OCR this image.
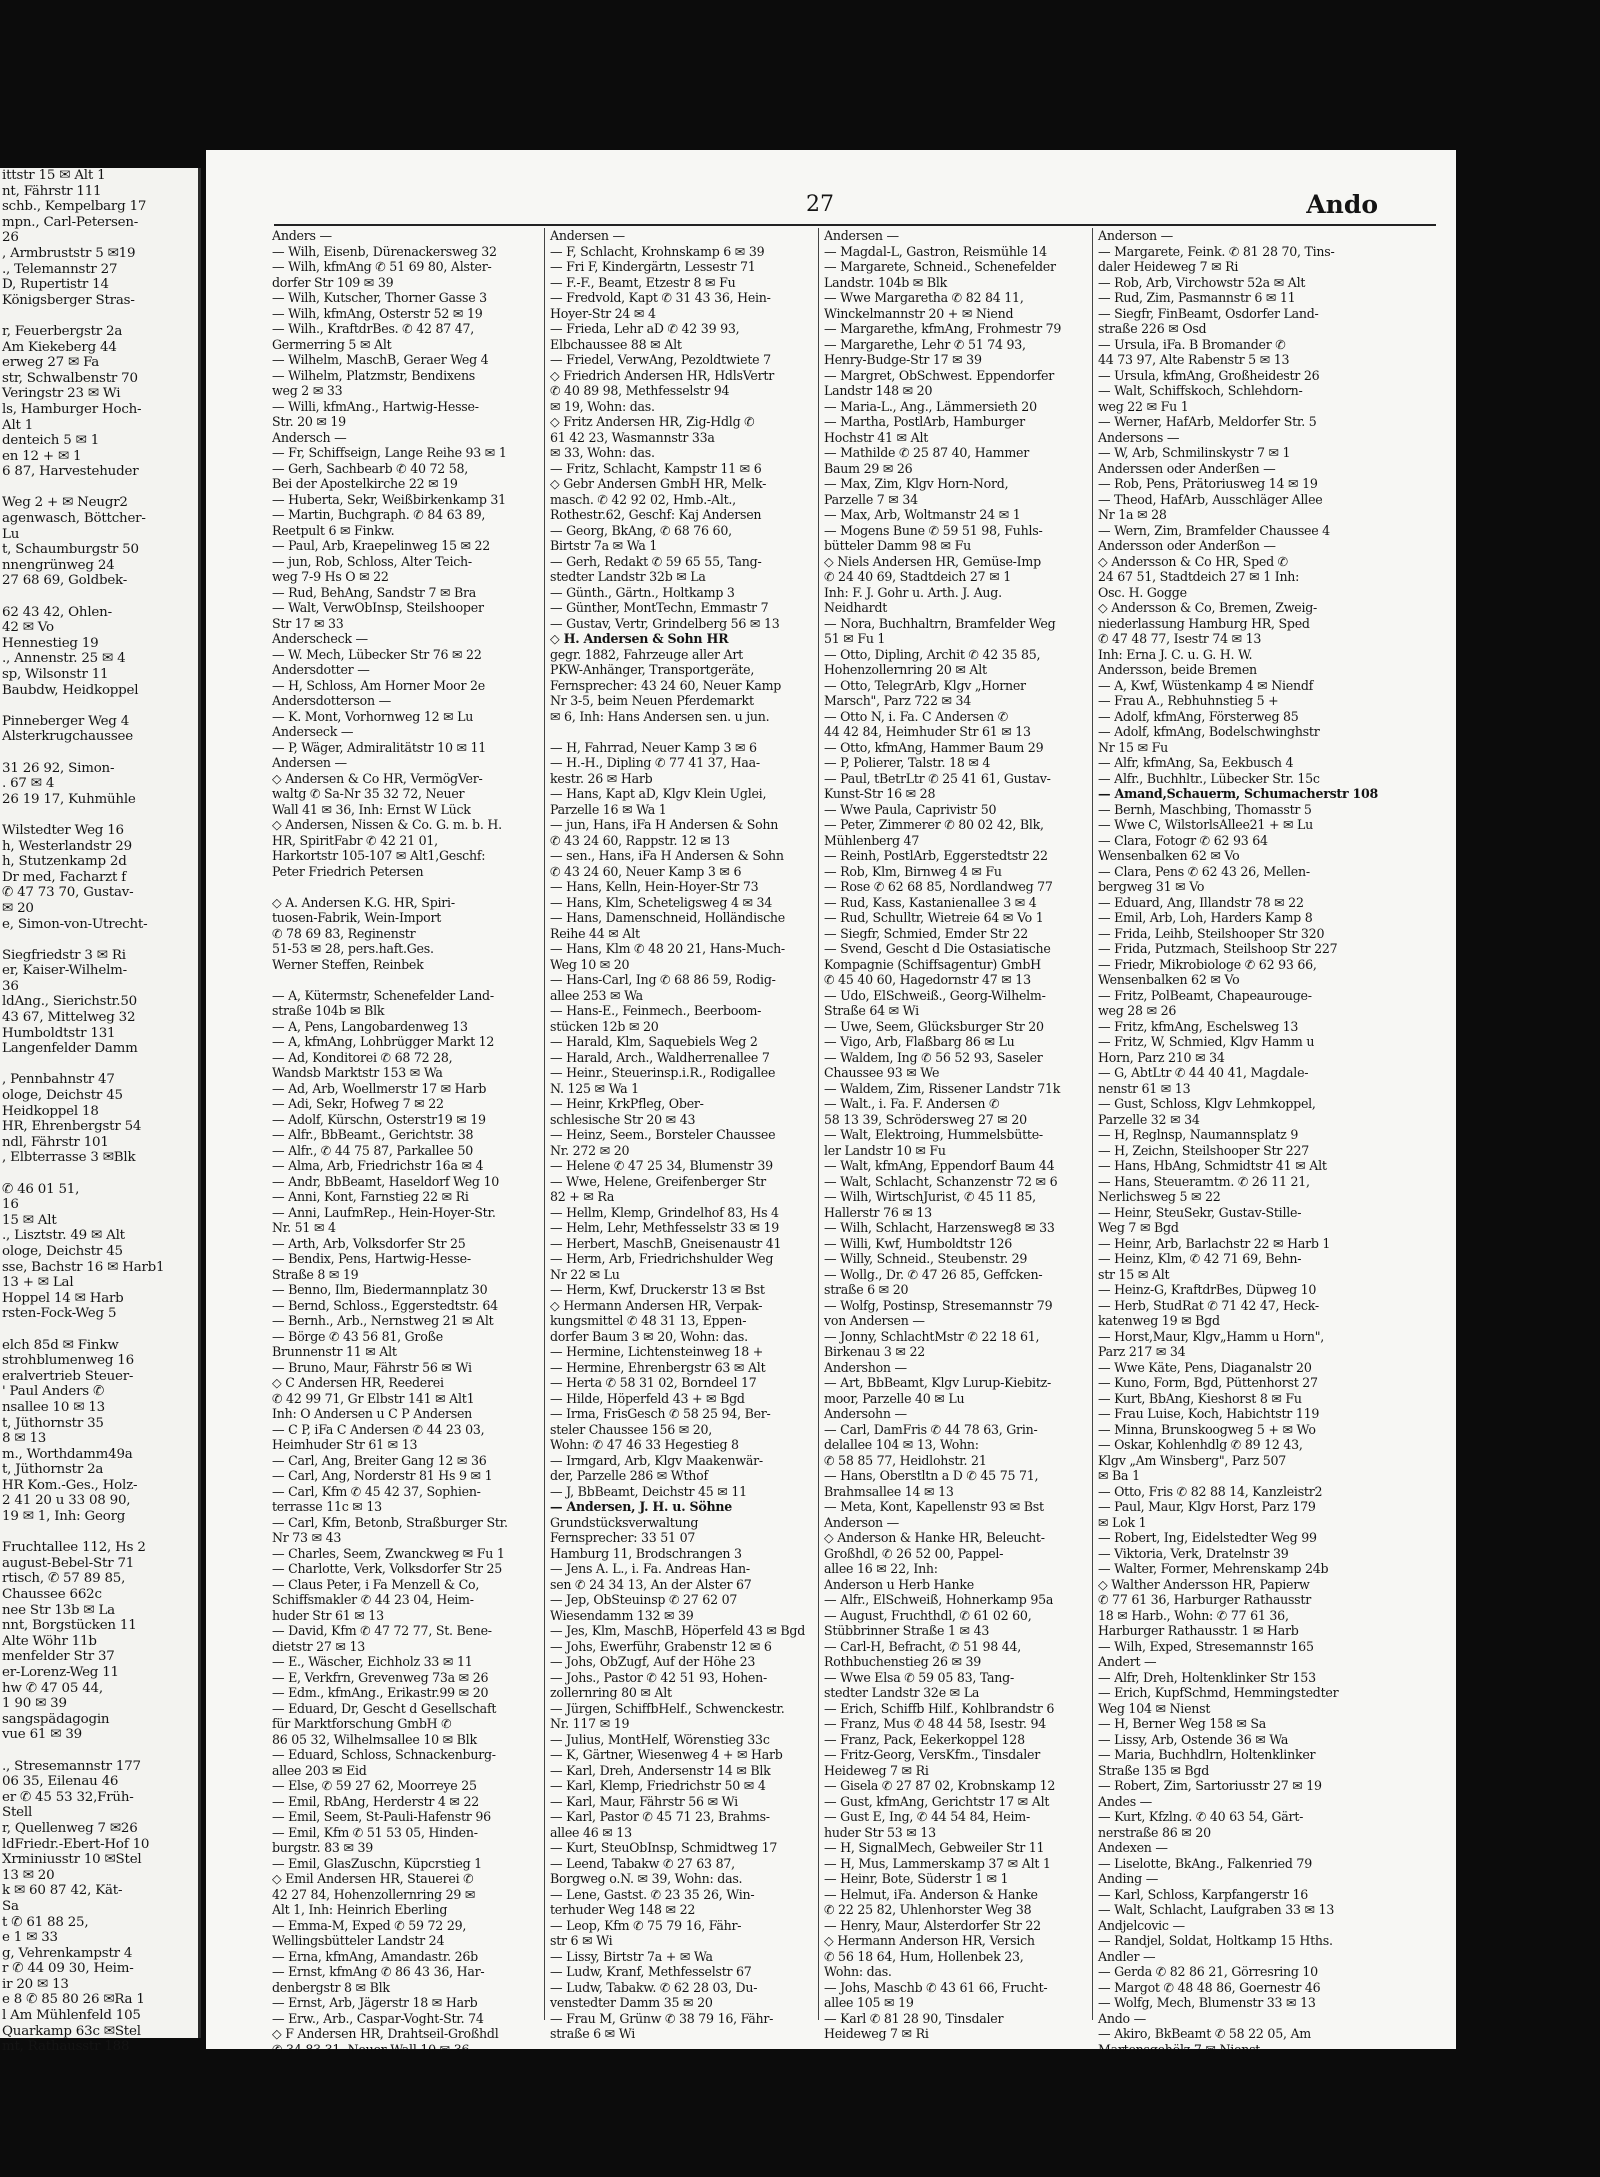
ittstr 15 ✉ Alt 1
nt, Fährstr 111
schb., Kempelbarg 17
mpn., Carl-Petersen-
26
, Armbruststr 5 ✉19
., Telemannstr 27
D, Rupertistr 14
Königsberger Stras-

r, Feuerbergstr 2a
Am Kiekeberg 44
erweg 27 ✉ Fa
str, Schwalbenstr 70
Veringstr 23 ✉ Wi
ls, Hamburger Hoch-
Alt 1
denteich 5 ✉ 1
en 12 + ✉ 1
6 87, Harvestehuder

Weg 2 + ✉ Neugr2
agenwasch, Böttcher-
Lu
t, Schaumburgstr 50
nnengrünweg 24
27 68 69, Goldbek-

62 43 42, Ohlen-
42 ✉ Vo
Hennestieg 19
., Annenstr. 25 ✉ 4
sp, Wilsonstr 11
Baubdw, Heidkoppel

Pinneberger Weg 4
Alsterkrugchaussee

31 26 92, Simon-
. 67 ✉ 4
26 19 17, Kuhmühle

Wilstedter Weg 16
h, Westerlandstr 29
h, Stutzenkamp 2d
Dr med, Facharzt f
✆ 47 73 70, Gustav-
✉ 20
e, Simon-von-Utrecht-

Siegfriedstr 3 ✉ Ri
er, Kaiser-Wilhelm-
36
ldAng., Sierichstr.50
43 67, Mittelweg 32
Humboldtstr 131
Langenfelder Damm

, Pennbahnstr 47
ologe, Deichstr 45
Heidkoppel 18
HR, Ehrenbergstr 54
ndl, Fährstr 101
, Elbterrasse 3 ✉Blk

✆ 46 01 51,
16
15 ✉ Alt
., Lisztstr. 49 ✉ Alt
ologe, Deichstr 45
sse, Bachstr 16 ✉ Harb1
13 + ✉ Lal
Hoppel 14 ✉ Harb
rsten-Fock-Weg 5

elch 85d ✉ Finkw
strohblumenweg 16
eralvertrieb Steuer-
' Paul Anders ✆
nsallee 10 ✉ 13
t, Jüthornstr 35
8 ✉ 13
m., Worthdamm49a
t, Jüthornstr 2a
HR Kom.-Ges., Holz-
2 41 20 u 33 08 90,
19 ✉ 1, Inh: Georg

Fruchtallee 112, Hs 2
august-Bebel-Str 71
rtisch, ✆ 57 89 85,
Chaussee 662c
nee Str 13b ✉ La
nnt, Borgstücken 11
Alte Wöhr 11b
menfelder Str 37
er-Lorenz-Weg 11
hw ✆ 47 05 44,
1 90 ✉ 39
sangspädagogin
vue 61 ✉ 39

., Stresemannstr 177
06 35, Eilenau 46
er ✆ 45 53 32,Früh-
Stell
r, Quellenweg 7 ✉26
ldFriedr.-Ebert-Hof 10
Xrminiusstr 10 ✉Stel
13 ✉ 20
k ✉ 60 87 42, Kät-
Sa
t ✆ 61 88 25,
e 1 ✉ 33
g, Vehrenkampstr 4
r ✆ 44 09 30, Heim-
ir 20 ✉ 13
e 8 ✆ 85 80 26 ✉Ra 1
l Am Mühlenfeld 105
Quarkamp 63c ✉Stel
mt, Rathausstr 188
27	Ando
Anders —
— Wilh, Eisenb, Dürenackersweg 32
— Wilh, kfmAng ✆ 51 69 80, Alster-
dorfer Str 109 ✉ 39
— Wilh, Kutscher, Thorner Gasse 3
— Wilh, kfmAng, Osterstr 52 ✉ 19
— Wilh., KraftdrBes. ✆ 42 87 47,
Germerring 5 ✉ Alt
— Wilhelm, MaschB, Geraer Weg 4
— Wilhelm, Platzmstr, Bendixens
weg 2 ✉ 33
— Willi, kfmAng., Hartwig-Hesse-
Str. 20 ✉ 19
Andersch —
— Fr, Schiffseign, Lange Reihe 93 ✉ 1
— Gerh, Sachbearb ✆ 40 72 58,
Bei der Apostelkirche 22 ✉ 19
— Huberta, Sekr, Weißbirkenkamp 31
— Martin, Buchgraph. ✆ 84 63 89,
Reetpult 6 ✉ Finkw.
— Paul, Arb, Kraepelinweg 15 ✉ 22
— jun, Rob, Schloss, Alter Teich-
weg 7-9 Hs O ✉ 22
— Rud, BehAng, Sandstr 7 ✉ Bra
— Walt, VerwObInsp, Steilshooper
Str 17 ✉ 33
Anderscheck —
— W. Mech, Lübecker Str 76 ✉ 22
Andersdotter —
— H, Schloss, Am Horner Moor 2e
Andersdotterson —
— K. Mont, Vorhornweg 12 ✉ Lu
Anderseck —
— P, Wäger, Admiralitätstr 10 ✉ 11
Andersen —
◇ Andersen & Co HR, VermögVer-
waltg ✆ Sa-Nr 35 32 72, Neuer
Wall 41 ✉ 36, Inh: Ernst W Lück
◇ Andersen, Nissen & Co. G. m. b. H.
HR, SpiritFabr ✆ 42 21 01,
Harkortstr 105-107 ✉ Alt1,Geschf:
Peter Friedrich Petersen

◇ A. Andersen K.G. HR, Spiri-
tuosen-Fabrik, Wein-Import
✆ 78 69 83, Reginenstr
51-53 ✉ 28, pers.haft.Ges.
Werner Steffen, Reinbek

— A, Kütermstr, Schenefelder Land-
straße 104b ✉ Blk
— A, Pens, Langobardenweg 13
— A, kfmAng, Lohbrügger Markt 12
— Ad, Konditorei ✆ 68 72 28,
Wandsb Marktstr 153 ✉ Wa
— Ad, Arb, Woellmerstr 17 ✉ Harb
— Adi, Sekr, Hofweg 7 ✉ 22
— Adolf, Kürschn, Osterstr19 ✉ 19
— Alfr., BbBeamt., Gerichtstr. 38
— Alfr., ✆ 44 75 87, Parkallee 50
— Alma, Arb, Friedrichstr 16a ✉ 4
— Andr, BbBeamt, Haseldorf Weg 10
— Anni, Kont, Farnstieg 22 ✉ Ri
— Anni, LaufmRep., Hein-Hoyer-Str.
Nr. 51 ✉ 4
— Arth, Arb, Volksdorfer Str 25
— Bendix, Pens, Hartwig-Hesse-
Straße 8 ✉ 19
— Benno, Ilm, Biedermannplatz 30
— Bernd, Schloss., Eggerstedtstr. 64
— Bernh., Arb., Nernstweg 21 ✉ Alt
— Börge ✆ 43 56 81, Große
Brunnenstr 11 ✉ Alt
— Bruno, Maur, Fährstr 56 ✉ Wi
◇ C Andersen HR, Reederei
✆ 42 99 71, Gr Elbstr 141 ✉ Alt1
Inh: O Andersen u C P Andersen
— C P, iFa C Andersen ✆ 44 23 03,
Heimhuder Str 61 ✉ 13
— Carl, Ang, Breiter Gang 12 ✉ 36
— Carl, Ang, Norderstr 81 Hs 9 ✉ 1
— Carl, Kfm ✆ 45 42 37, Sophien-
terrasse 11c ✉ 13
— Carl, Kfm, Betonb, Straßburger Str.
Nr 73 ✉ 43
— Charles, Seem, Zwanckweg ✉ Fu 1
— Charlotte, Verk, Volksdorfer Str 25
— Claus Peter, i Fa Menzell & Co,
Schiffsmakler ✆ 44 23 04, Heim-
huder Str 61 ✉ 13
— David, Kfm ✆ 47 72 77, St. Bene-
dietstr 27 ✉ 13
— E., Wäscher, Eichholz 33 ✉ 11
— E, Verkfrn, Grevenweg 73a ✉ 26
— Edm., kfmAng., Erikastr.99 ✉ 20
— Eduard, Dr, Gescht d Gesellschaft
für Marktforschung GmbH ✆
86 05 32, Wilhelmsallee 10 ✉ Blk
— Eduard, Schloss, Schnackenburg-
allee 203 ✉ Eid
— Else, ✆ 59 27 62, Moorreye 25
— Emil, RbAng, Herderstr 4 ✉ 22
— Emil, Seem, St-Pauli-Hafenstr 96
— Emil, Kfm ✆ 51 53 05, Hinden-
burgstr. 83 ✉ 39
— Emil, GlasZuschn, Küpcrstieg 1
◇ Emil Andersen HR, Stauerei ✆
42 27 84, Hohenzollernring 29 ✉
Alt 1, Inh: Heinrich Eberling
— Emma-M, Exped ✆ 59 72 29,
Wellingsbütteler Landstr 24
— Erna, kfmAng, Amandastr. 26b
— Ernst, kfmAng ✆ 86 43 36, Har-
denbergstr 8 ✉ Blk
— Ernst, Arb, Jägerstr 18 ✉ Harb
— Erw., Arb., Caspar-Voght-Str. 74
◇ F Andersen HR, Drahtseil-Großhdl
Andersen —
— F, Schlacht, Krohnskamp 6 ✉ 39
— Fri F, Kindergärtn, Lessestr 71
— F.-F., Beamt, Etzestr 8 ✉ Fu
— Fredvold, Kapt ✆ 31 43 36, Hein-
Hoyer-Str 24 ✉ 4
— Frieda, Lehr aD ✆ 42 39 93,
Elbchaussee 88 ✉ Alt
— Friedel, VerwAng, Pezoldtwiete 7
◇ Friedrich Andersen HR, HdlsVertr
✆ 40 89 98, Methfesselstr 94
✉ 19, Wohn: das.
◇ Fritz Andersen HR, Zig-Hdlg ✆
61 42 23, Wasmannstr 33a
✉ 33, Wohn: das.
— Fritz, Schlacht, Kampstr 11 ✉ 6
◇ Gebr Andersen GmbH HR, Melk-
masch. ✆ 42 92 02, Hmb.-Alt.,
Rothestr.62, Geschf: Kaj Andersen
— Georg, BkAng, ✆ 68 76 60,
Birtstr 7a ✉ Wa 1
— Gerh, Redakt ✆ 59 65 55, Tang-
stedter Landstr 32b ✉ La
— Günth., Gärtn., Holtkamp 3
— Günther, MontTechn, Emmastr 7
— Gustav, Vertr, Grindelberg 56 ✉ 13
◇ H. Andersen & Sohn HR
gegr. 1882, Fahrzeuge aller Art
PKW-Anhänger, Transportgeräte,
Fernsprecher: 43 24 60, Neuer Kamp
Nr 3-5, beim Neuen Pferdemarkt
✉ 6, Inh: Hans Andersen sen. u jun.

— H, Fahrrad, Neuer Kamp 3 ✉ 6
— H.-H., Dipling ✆ 77 41 37, Haa-
kestr. 26 ✉ Harb
— Hans, Kapt aD, Klgv Klein Uglei,
Parzelle 16 ✉ Wa 1
— jun, Hans, iFa H Andersen & Sohn
✆ 43 24 60, Rappstr. 12 ✉ 13
— sen., Hans, iFa H Andersen & Sohn
✆ 43 24 60, Neuer Kamp 3 ✉ 6
— Hans, Kelln, Hein-Hoyer-Str 73
— Hans, Klm, Scheteligsweg 4 ✉ 34
— Hans, Damenschneid, Holländische
Reihe 44 ✉ Alt
— Hans, Klm ✆ 48 20 21, Hans-Much-
Weg 10 ✉ 20
— Hans-Carl, Ing ✆ 68 86 59, Rodig-
allee 253 ✉ Wa
— Hans-E., Feinmech., Beerboom-
stücken 12b ✉ 20
— Harald, Klm, Saquebiels Weg 2
— Harald, Arch., Waldherrenallee 7
— Heinr., Steuerinsp.i.R., Rodigallee
N. 125 ✉ Wa 1
— Heinr, KrkPfleg, Ober-
schlesische Str 20 ✉ 43
— Heinz, Seem., Borsteler Chaussee
Nr. 272 ✉ 20
— Helene ✆ 47 25 34, Blumenstr 39
— Wwe, Helene, Greifenberger Str
82 + ✉ Ra
— Hellm, Klemp, Grindelhof 83, Hs 4
— Helm, Lehr, Methfesselstr 33 ✉ 19
— Herbert, MaschB, Gneisenaustr 41
— Herm, Arb, Friedrichshulder Weg
Nr 22 ✉ Lu
— Herm, Kwf, Druckerstr 13 ✉ Bst
◇ Hermann Andersen HR, Verpak-
kungsmittel ✆ 48 31 13, Eppen-
dorfer Baum 3 ✉ 20, Wohn: das.
— Hermine, Lichtensteinweg 18 +
— Hermine, Ehrenbergstr 63 ✉ Alt
— Herta ✆ 58 31 02, Borndeel 17
— Hilde, Höperfeld 43 + ✉ Bgd
— Irma, FrisGesch ✆ 58 25 94, Ber-
steler Chaussee 156 ✉ 20,
Wohn: ✆ 47 46 33 Hegestieg 8
— Irmgard, Arb, Klgv Maakenwär-
der, Parzelle 286 ✉ Wthof
— J, BbBeamt, Deichstr 45 ✉ 11
— Andersen, J. H. u. Söhne
Grundstücksverwaltung
Fernsprecher: 33 51 07
Hamburg 11, Brodschrangen 3
— Jens A. L., i. Fa. Andreas Han-
sen ✆ 24 34 13, An der Alster 67
— Jep, ObSteuinsp ✆ 27 62 07
Wiesendamm 132 ✉ 39
— Jes, Klm, MaschB, Höperfeld 43 ✉ Bgd
— Johs, Ewerführ, Grabenstr 12 ✉ 6
— Johs, ObZugf, Auf der Höhe 23
— Johs., Pastor ✆ 42 51 93, Hohen-
zollernring 80 ✉ Alt
— Jürgen, SchiffbHelf., Schwenckestr.
Nr. 117 ✉ 19
— Julius, MontHelf, Wörenstieg 33c
— K, Gärtner, Wiesenweg 4 + ✉ Harb
— Karl, Dreh, Andersenstr 14 ✉ Blk
— Karl, Klemp, Friedrichstr 50 ✉ 4
— Karl, Maur, Fährstr 56 ✉ Wi
— Karl, Pastor ✆ 45 71 23, Brahms-
allee 46 ✉ 13
— Kurt, SteuObInsp, Schmidtweg 17
— Leend, Tabakw ✆ 27 63 87,
Borgweg o.N. ✉ 39, Wohn: das.
— Lene, Gastst. ✆ 23 35 26, Win-
terhuder Weg 148 ✉ 22
— Leop, Kfm ✆ 75 79 16, Fähr-
str 6 ✉ Wi
— Lissy, Birtstr 7a + ✉ Wa
— Ludw, Kranf, Methfesselstr 67
— Ludw, Tabakw. ✆ 62 28 03, Du-
venstedter Damm 35 ✉ 20
— Frau M, Grünw ✆ 38 79 16, Fähr-
straße 6 ✉ Wi
Andersen —
— Magdal-L, Gastron, Reismühle 14
— Margarete, Schneid., Schenefelder
Landstr. 104b ✉ Blk
— Wwe Margaretha ✆ 82 84 11,
Winckelmannstr 20 + ✉ Niend
— Margarethe, kfmAng, Frohmestr 79
— Margarethe, Lehr ✆ 51 74 93,
Henry-Budge-Str 17 ✉ 39
— Margret, ObSchwest. Eppendorfer
Landstr 148 ✉ 20
— Maria-L., Ang., Lämmersieth 20
— Martha, PostlArb, Hamburger
Hochstr 41 ✉ Alt
— Mathilde ✆ 25 87 40, Hammer
Baum 29 ✉ 26
— Max, Zim, Klgv Horn-Nord,
Parzelle 7 ✉ 34
— Max, Arb, Woltmanstr 24 ✉ 1
— Mogens Bune ✆ 59 51 98, Fuhls-
bütteler Damm 98 ✉ Fu
◇ Niels Andersen HR, Gemüse-Imp
✆ 24 40 69, Stadtdeich 27 ✉ 1
Inh: F. J. Gohr u. Arth. J. Aug.
Neidhardt
— Nora, Buchhaltrn, Bramfelder Weg
51 ✉ Fu 1
— Otto, Dipling, Archit ✆ 42 35 85,
Hohenzollernring 20 ✉ Alt
— Otto, TelegrArb, Klgv „Horner
Marsch", Parz 722 ✉ 34
— Otto N, i. Fa. C Andersen ✆
44 42 84, Heimhuder Str 61 ✉ 13
— Otto, kfmAng, Hammer Baum 29
— P, Polierer, Talstr. 18 ✉ 4
— Paul, tBetrLtr ✆ 25 41 61, Gustav-
Kunst-Str 16 ✉ 28
— Wwe Paula, Caprivistr 50
— Peter, Zimmerer ✆ 80 02 42, Blk,
Mühlenberg 47
— Reinh, PostlArb, Eggerstedtstr 22
— Rob, Klm, Birnweg 4 ✉ Fu
— Rose ✆ 62 68 85, Nordlandweg 77
— Rud, Kass, Kastanienallee 3 ✉ 4
— Rud, Schulltr, Wietreie 64 ✉ Vo 1
— Siegfr, Schmied, Emder Str 22
— Svend, Gescht d Die Ostasiatische
Kompagnie (Schiffsagentur) GmbH
✆ 45 40 60, Hagedornstr 47 ✉ 13
— Udo, ElSchweiß., Georg-Wilhelm-
Straße 64 ✉ Wi
— Uwe, Seem, Glücksburger Str 20
— Vigo, Arb, Flaßbarg 86 ✉ Lu
— Waldem, Ing ✆ 56 52 93, Saseler
Chaussee 93 ✉ We
— Waldem, Zim, Rissener Landstr 71k
— Walt., i. Fa. F. Andersen ✆
58 13 39, Schrödersweg 27 ✉ 20
— Walt, Elektroing, Hummelsbütte-
ler Landstr 10 ✉ Fu
— Walt, kfmAng, Eppendorf Baum 44
— Walt, Schlacht, Schanzenstr 72 ✉ 6
— Wilh, WirtschJurist, ✆ 45 11 85,
Hallerstr 76 ✉ 13
— Wilh, Schlacht, Harzensweg8 ✉ 33
— Willi, Kwf, Humboldtstr 126
— Willy, Schneid., Steubenstr. 29
— Wollg., Dr. ✆ 47 26 85, Geffcken-
straße 6 ✉ 20
— Wolfg, Postinsp, Stresemannstr 79
von Andersen —
— Jonny, SchlachtMstr ✆ 22 18 61,
Birkenau 3 ✉ 22
Andershon —
— Art, BbBeamt, Klgv Lurup-Kiebitz-
moor, Parzelle 40 ✉ Lu
Andersohn —
— Carl, DamFris ✆ 44 78 63, Grin-
delallee 104 ✉ 13, Wohn:
✆ 58 85 77, Heidlohstr. 21
— Hans, Oberstltn a D ✆ 45 75 71,
Brahmsallee 14 ✉ 13
— Meta, Kont, Kapellenstr 93 ✉ Bst
Anderson —
◇ Anderson & Hanke HR, Beleucht-
Großhdl, ✆ 26 52 00, Pappel-
allee 16 ✉ 22, Inh:
Anderson u Herb Hanke
— Alfr., ElSchweiß, Hohnerkamp 95a
— August, Fruchthdl, ✆ 61 02 60,
Stübbrinner Straße 1 ✉ 43
— Carl-H, Befracht, ✆ 51 98 44,
Rothbuchenstieg 26 ✉ 39
— Wwe Elsa ✆ 59 05 83, Tang-
stedter Landstr 32e ✉ La
— Erich, Schiffb Hilf., Kohlbrandstr 6
— Franz, Mus ✆ 48 44 58, Isestr. 94
— Franz, Pack, Eekerkoppel 128
— Fritz-Georg, VersKfm., Tinsdaler
Heideweg 7 ✉ Ri
— Gisela ✆ 27 87 02, Krobnskamp 12
— Gust, kfmAng, Gerichtstr 17 ✉ Alt
— Gust E, Ing, ✆ 44 54 84, Heim-
huder Str 53 ✉ 13
— H, SignalMech, Gebweiler Str 11
— H, Mus, Lammerskamp 37 ✉ Alt 1
— Heinr, Bote, Süderstr 1 ✉ 1
— Helmut, iFa. Anderson & Hanke
✆ 22 25 82, Uhlenhorster Weg 38
— Henry, Maur, Alsterdorfer Str 22
◇ Hermann Anderson HR, Versich
✆ 56 18 64, Hum, Hollenbek 23,
Wohn: das.
— Johs, Maschb ✆ 43 61 66, Frucht-
allee 105 ✉ 19
— Karl ✆ 81 28 90, Tinsdaler
Heideweg 7 ✉ Ri
Anderson —
— Margarete, Feink. ✆ 81 28 70, Tins-
daler Heideweg 7 ✉ Ri
— Rob, Arb, Virchowstr 52a ✉ Alt
— Rud, Zim, Pasmannstr 6 ✉ 11
— Siegfr, FinBeamt, Osdorfer Land-
straße 226 ✉ Osd
— Ursula, iFa. B Bromander ✆
44 73 97, Alte Rabenstr 5 ✉ 13
— Ursula, kfmAng, Großheidestr 26
— Walt, Schiffskoch, Schlehdorn-
weg 22 ✉ Fu 1
— Werner, HafArb, Meldorfer Str. 5
Andersons —
— W, Arb, Schmilinskystr 7 ✉ 1
Anderssen oder Anderßen —
— Rob, Pens, Prätoriusweg 14 ✉ 19
— Theod, HafArb, Ausschläger Allee
Nr 1a ✉ 28
— Wern, Zim, Bramfelder Chaussee 4
Andersson oder Anderßon —
◇ Andersson & Co HR, Sped ✆
24 67 51, Stadtdeich 27 ✉ 1 Inh:
Osc. H. Gogge
◇ Andersson & Co, Bremen, Zweig-
niederlassung Hamburg HR, Sped
✆ 47 48 77, Isestr 74 ✉ 13
Inh: Erna J. C. u. G. H. W.
Andersson, beide Bremen
— A, Kwf, Wüstenkamp 4 ✉ Niendf
— Frau A., Rebhuhnstieg 5 +
— Adolf, kfmAng, Försterweg 85
— Adolf, kfmAng, Bodelschwinghstr
Nr 15 ✉ Fu
— Alfr, kfmAng, Sa, Eekbusch 4
— Alfr., Buchhltr., Lübecker Str. 15c
— Amand,Schauerm, Schumacherstr 108
— Bernh, Maschbing, Thomasstr 5
— Wwe C, WilstorlsAllee21 + ✉ Lu
— Clara, Fotogr ✆ 62 93 64
Wensenbalken 62 ✉ Vo
— Clara, Pens ✆ 62 43 26, Mellen-
bergweg 31 ✉ Vo
— Eduard, Ang, Illandstr 78 ✉ 22
— Emil, Arb, Loh, Harders Kamp 8
— Frida, Leihb, Steilshooper Str 320
— Frida, Putzmach, Steilshoop Str 227
— Friedr, Mikrobiologe ✆ 62 93 66,
Wensenbalken 62 ✉ Vo
— Fritz, PolBeamt, Chapeaurouge-
weg 28 ✉ 26
— Fritz, kfmAng, Eschelsweg 13
— Fritz, W, Schmied, Klgv Hamm u
Horn, Parz 210 ✉ 34
— G, AbtLtr ✆ 44 40 41, Magdale-
nenstr 61 ✉ 13
— Gust, Schloss, Klgv Lehmkoppel,
Parzelle 32 ✉ 34
— H, Reglnsp, Naumannsplatz 9
— H, Zeichn, Steilshooper Str 227
— Hans, HbAng, Schmidtstr 41 ✉ Alt
— Hans, Steueramtm. ✆ 26 11 21,
Nerlichsweg 5 ✉ 22
— Heinr, SteuSekr, Gustav-Stille-
Weg 7 ✉ Bgd
— Heinr, Arb, Barlachstr 22 ✉ Harb 1
— Heinz, Klm, ✆ 42 71 69, Behn-
str 15 ✉ Alt
— Heinz-G, KraftdrBes, Düpweg 10
— Herb, StudRat ✆ 71 42 47, Heck-
katenweg 19 ✉ Bgd
— Horst,Maur, Klgv„Hamm u Horn",
Parz 217 ✉ 34
— Wwe Käte, Pens, Diaganalstr 20
— Kuno, Form, Bgd, Püttenhorst 27
— Kurt, BbAng, Kieshorst 8 ✉ Fu
— Frau Luise, Koch, Habichtstr 119
— Minna, Brunskoogweg 5 + ✉ Wo
— Oskar, Kohlenhdlg ✆ 89 12 43,
Klgv „Am Winsberg", Parz 507
✉ Ba 1
— Otto, Fris ✆ 82 88 14, Kanzleistr2
— Paul, Maur, Klgv Horst, Parz 179
✉ Lok 1
— Robert, Ing, Eidelstedter Weg 99
— Viktoria, Verk, Dratelnstr 39
— Walter, Former, Mehrenskamp 24b
◇ Walther Andersson HR, Papierw
✆ 77 61 36, Harburger Rathausstr
18 ✉ Harb., Wohn: ✆ 77 61 36,
Harburger Rathausstr. 1 ✉ Harb
— Wilh, Exped, Stresemannstr 165
Andert —
— Alfr, Dreh, Holtenklinker Str 153
— Erich, KupfSchmd, Hemmingstedter
Weg 104 ✉ Nienst
— H, Berner Weg 158 ✉ Sa
— Lissy, Arb, Ostende 36 ✉ Wa
— Maria, Buchhdlrn, Holtenklinker
Straße 135 ✉ Bgd
— Robert, Zim, Sartoriusstr 27 ✉ 19
Andes —
— Kurt, Kfzlng. ✆ 40 63 54, Gärt-
nerstraße 86 ✉ 20
Andexen —
— Liselotte, BkAng., Falkenried 79
Anding —
— Karl, Schloss, Karpfangerstr 16
— Walt, Schlacht, Laufgraben 33 ✉ 13
Andjelcovic —
— Randjel, Soldat, Holtkamp 15 Hths.
Andler —
— Gerda ✆ 82 86 21, Görresring 10
— Margot ✆ 48 48 86, Goernestr 46
— Wolfg, Mech, Blumenstr 33 ✉ 13
Ando —
— Akiro, BkBeamt ✆ 58 22 05, Am
